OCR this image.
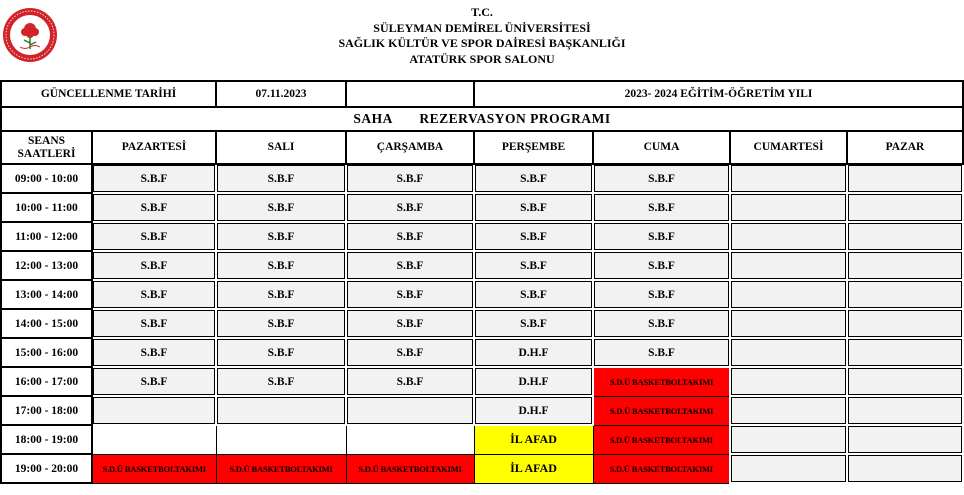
T.C.
SÜLEYMAN DEMİREL ÜNİVERSİTESİ
SAĞLIK KÜLTÜR VE SPOR DAİRESİ BAŞKANLIĞI
ATATÜRK SPOR SALONU
GÜNCELLENME TARİHİ		07.11.2023		2023- 2024 EĞİTİM-ÖĞRETİM YILI			
SAHA REZERVASYON PROGRAMI							

SEANS SAATLERİ	PAZARTESİ	SALI	ÇARŞAMBA	PERŞEMBE	CUMA	CUMARTESİ	PAZAR
09:00 - 10:00	S.B.F	S.B.F	S.B.F	S.B.F	S.B.F		
10:00 - 11:00	S.B.F	S.B.F	S.B.F	S.B.F	S.B.F		
11:00 - 12:00	S.B.F	S.B.F	S.B.F	S.B.F	S.B.F		
12:00 - 13:00	S.B.F	S.B.F	S.B.F	S.B.F	S.B.F		
13:00 - 14:00	S.B.F	S.B.F	S.B.F	S.B.F	S.B.F		
14:00 - 15:00	S.B.F	S.B.F	S.B.F	S.B.F	S.B.F		
15:00 - 16:00	S.B.F	S.B.F	S.B.F	D.H.F	S.B.F		
16:00 - 17:00	S.B.F	S.B.F	S.B.F	D.H.F	S.D.Ü BASKETBOLTAKIMI		
17:00 - 18:00				D.H.F	S.D.Ü BASKETBOLTAKIMI		
18:00 - 19:00				İL AFAD	S.D.Ü BASKETBOLTAKIMI		
19:00 - 20:00	S.D.Ü BASKETBOLTAKIMI	S.D.Ü BASKETBOLTAKIMI	S.D.Ü BASKETBOLTAKIMI	İL AFAD	S.D.Ü BASKETBOLTAKIMI		
